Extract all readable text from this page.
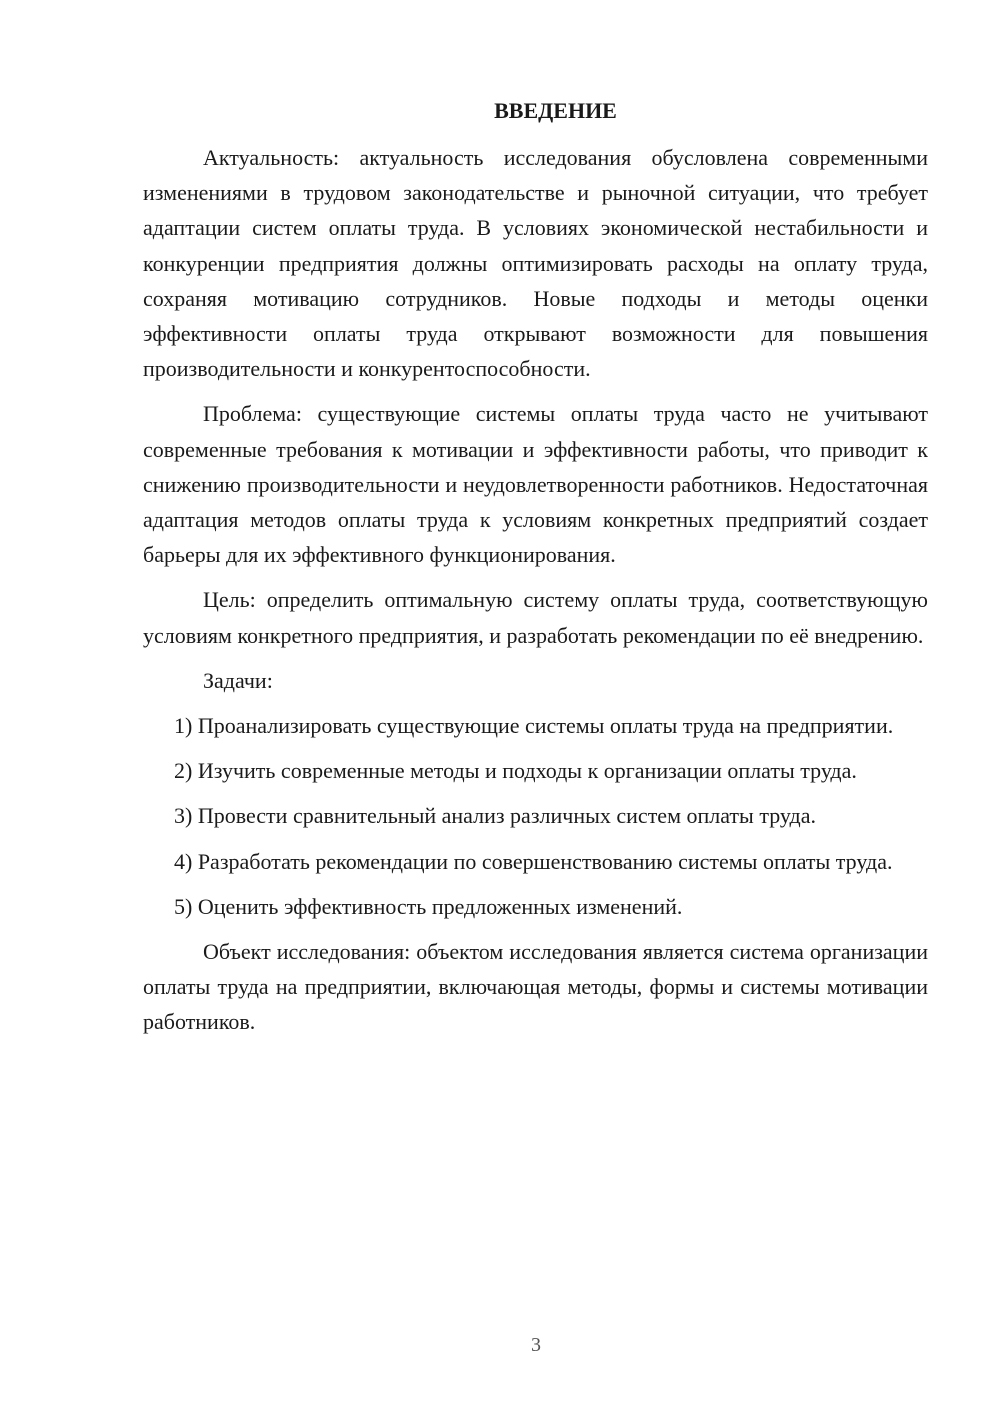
ВВЕДЕНИЕ

Актуальность: актуальность исследования обусловлена современными изменениями в трудовом законодательстве и рыночной ситуации, что требует адаптации систем оплаты труда. В условиях экономической нестабильности и конкуренции предприятия должны оптимизировать расходы на оплату труда, сохраняя мотивацию сотрудников. Новые подходы и методы оценки эффективности оплаты труда открывают возможности для повышения производительности и конкурентоспособности.

Проблема: существующие системы оплаты труда часто не учитывают современные требования к мотивации и эффективности работы, что приводит к снижению производительности и неудовлетворенности работников. Недостаточная адаптация методов оплаты труда к условиям конкретных предприятий создает барьеры для их эффективного функционирования.

Цель: определить оптимальную систему оплаты труда, соответствующую условиям конкретного предприятия, и разработать рекомендации по её внедрению.

Задачи:

1) Проанализировать существующие системы оплаты труда на предприятии.

2) Изучить современные методы и подходы к организации оплаты труда.

3) Провести сравнительный анализ различных систем оплаты труда.

4) Разработать рекомендации по совершенствованию системы оплаты труда.

5) Оценить эффективность предложенных изменений.

Объект исследования: объектом исследования является система организации оплаты труда на предприятии, включающая методы, формы и системы мотивации работников.

3
